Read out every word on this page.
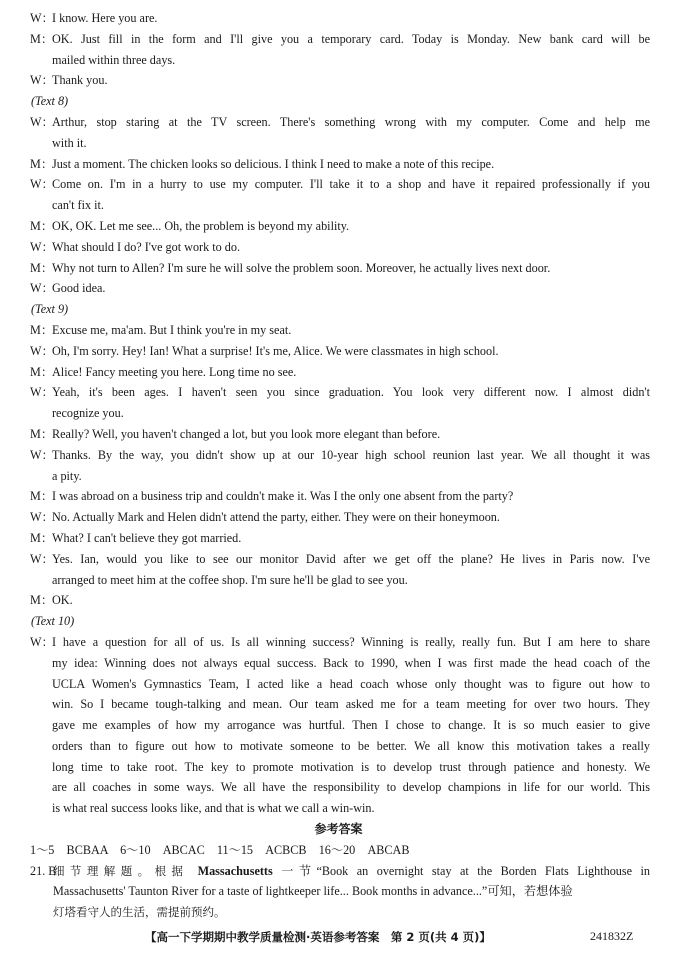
W：
I know. Here you are.
M：
OK. Just fill in the form and I'll give you a temporary card. Today is Monday. New bank card will be
mailed within three days.
W：
Thank you.
(Text 8)
W：
Arthur, stop staring at the TV screen. There's something wrong with my computer. Come and help me
with it.
M：
Just a moment. The chicken looks so delicious. I think I need to make a note of this recipe.
W：
Come on. I'm in a hurry to use my computer. I'll take it to a shop and have it repaired professionally if you
can't fix it.
M：
OK, OK. Let me see... Oh, the problem is beyond my ability.
W：
What should I do? I've got work to do.
M：
Why not turn to Allen? I'm sure he will solve the problem soon. Moreover, he actually lives next door.
W：
Good idea.
(Text 9)
M：
Excuse me, ma'am. But I think you're in my seat.
W：
Oh, I'm sorry. Hey! Ian! What a surprise! It's me, Alice. We were classmates in high school.
M：
Alice! Fancy meeting you here. Long time no see.
W：
Yeah, it's been ages. I haven't seen you since graduation. You look very different now. I almost didn't
recognize you.
M：
Really? Well, you haven't changed a lot, but you look more elegant than before.
W：
Thanks. By the way, you didn't show up at our 10-year high school reunion last year. We all thought it was
a pity.
M：
I was abroad on a business trip and couldn't make it. Was I the only one absent from the party?
W：
No. Actually Mark and Helen didn't attend the party, either. They were on their honeymoon.
M：
What? I can't believe they got married.
W：
Yes. Ian, would you like to see our monitor David after we get off the plane? He lives in Paris now. I've
arranged to meet him at the coffee shop. I'm sure he'll be glad to see you.
M：
OK.
(Text 10)
W：
I have a question for all of us. Is all winning success? Winning is really, really fun. But I am here to share
my idea: Winning does not always equal success. Back to 1990, when I was first made the head coach of the
UCLA Women's Gymnastics Team, I acted like a head coach whose only thought was to figure out how to
win. So I became tough-talking and mean. Our team asked me for a team meeting for over two hours. They
gave me examples of how my arrogance was hurtful. Then I chose to change. It is so much easier to give
orders than to figure out how to motivate someone to be better. We all know this motivation takes a really
long time to take root. The key to promote motivation is to develop trust through patience and honesty. We
are all coaches in some ways. We all have the responsibility to develop champions in life for our world. This
is what real success looks like, and that is what we call a win-win.
参考答案
1～5　BCBAA　6～10　ABCAC　11～15　ACBCB　16～20　ABCAB
21. B
细节理解题。根据 Massachusetts 一节“Book an overnight stay at the Borden Flats Lighthouse in
Massachusetts' Taunton River for a taste of lightkeeper life... Book months in advance...”可知，若想体验
灯塔看守人的生活，需提前预约。
【高一下学期期中教学质量检测·英语参考答案　第 2 页(共 4 页)】	241832Z
